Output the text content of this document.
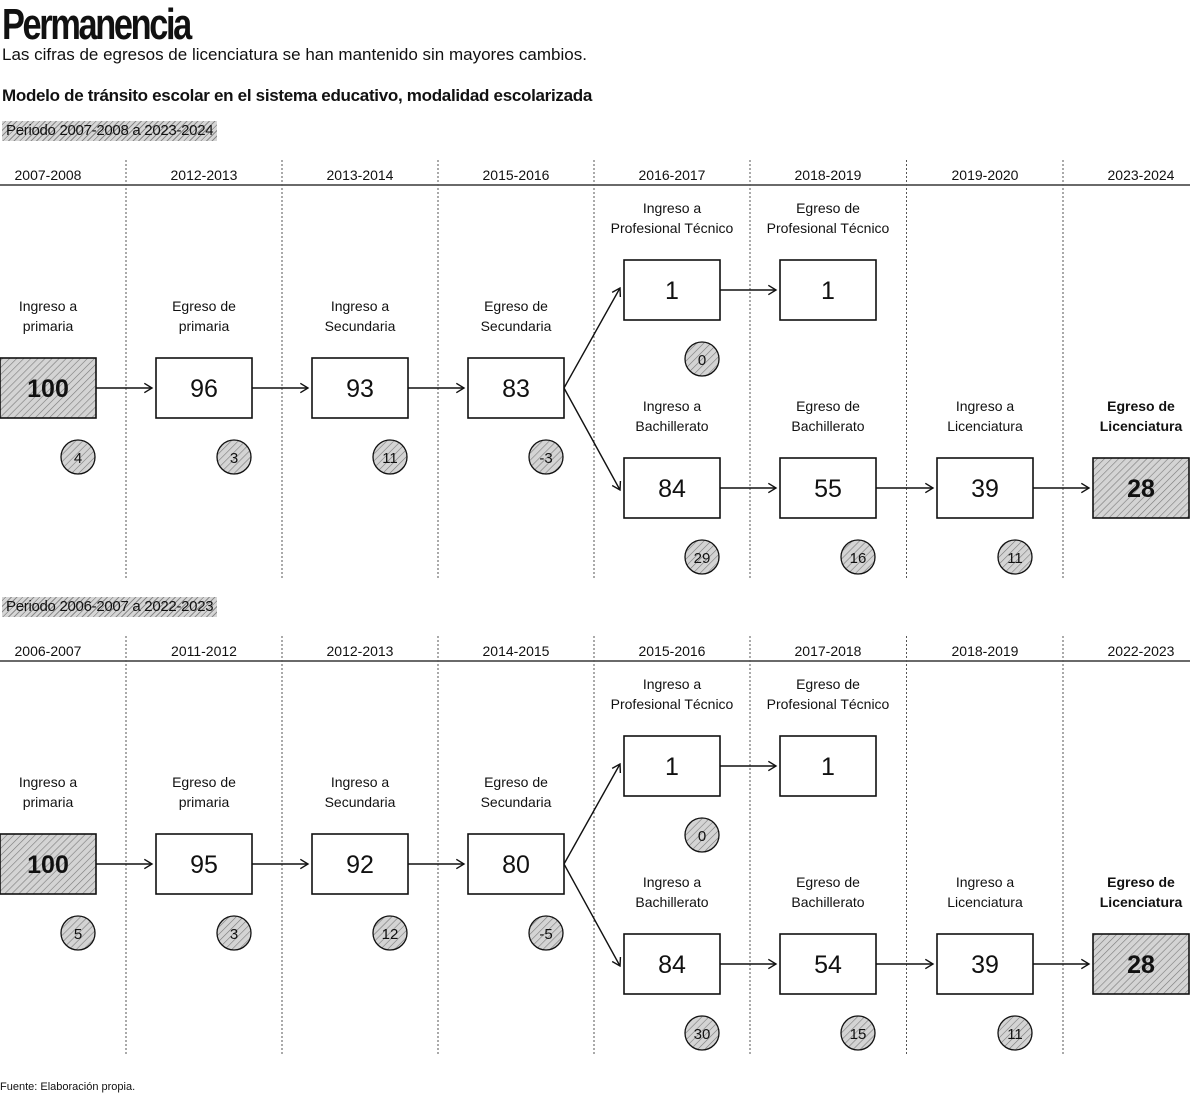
Permanencia
Las cifras de egresos de licenciatura se han mantenido sin mayores cambios.
Modelo de tránsito escolar en el sistema educativo, modalidad escolarizada
Periodo 2007-2008 a 2023-2024
Periodo 2006-2007 a 2022-2023
Fuente: Elaboración propia.
2007-2008	2012-2013	2013-2014	2015-2016	2016-2017	2018-2019	2019-2020	2023-2024
Ingreso a
primaria
100
4
Egreso de
primaria
96
3
Ingreso a
Secundaria
93
11
Egreso de
Secundaria
83
-3
Ingreso a
Profesional Técnico
1
0
Egreso de
Profesional Técnico
1
Ingreso a
Bachillerato
84
29
Egreso de
Bachillerato
55
16
Ingreso a
Licenciatura
39
11
Egreso de
Licenciatura
28
2006-2007	2011-2012	2012-2013	2014-2015	2015-2016	2017-2018	2018-2019	2022-2023
Ingreso a
primaria
100
5
Egreso de
primaria
95
3
Ingreso a
Secundaria
92
12
Egreso de
Secundaria
80
-5
Ingreso a
Profesional Técnico
1
0
Egreso de
Profesional Técnico
1
Ingreso a
Bachillerato
84
30
Egreso de
Bachillerato
54
15
Ingreso a
Licenciatura
39
11
Egreso de
Licenciatura
28
